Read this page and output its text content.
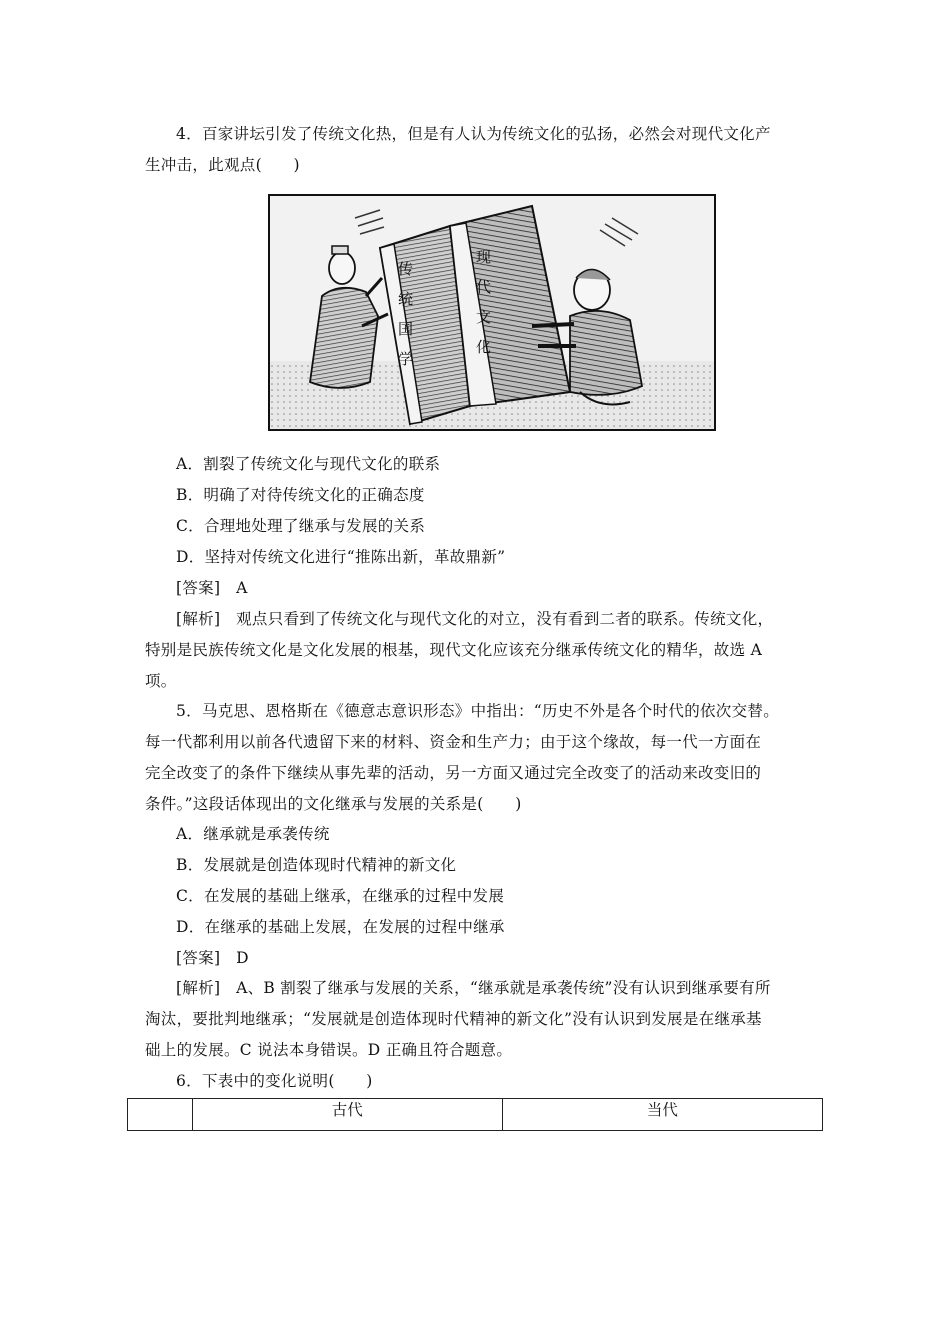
4．百家讲坛引发了传统文化热，但是有人认为传统文化的弘扬，必然会对现代文化产
生冲击，此观点(　　)
传统国学
现代文化
A．割裂了传统文化与现代文化的联系
B．明确了对待传统文化的正确态度
C．合理地处理了继承与发展的关系
D．坚持对传统文化进行“推陈出新，革故鼎新”
[答案]　A
[解析]　观点只看到了传统文化与现代文化的对立，没有看到二者的联系。传统文化，
特别是民族传统文化是文化发展的根基，现代文化应该充分继承传统文化的精华，故选 A
项。
5．马克思、恩格斯在《德意志意识形态》中指出：“历史不外是各个时代的依次交替。
每一代都利用以前各代遗留下来的材料、资金和生产力；由于这个缘故，每一代一方面在
完全改变了的条件下继续从事先辈的活动，另一方面又通过完全改变了的活动来改变旧的
条件。”这段话体现出的文化继承与发展的关系是(　　)
A．继承就是承袭传统
B．发展就是创造体现时代精神的新文化
C．在发展的基础上继承，在继承的过程中发展
D．在继承的基础上发展，在发展的过程中继承
[答案]　D
[解析]　A、B 割裂了继承与发展的关系，“继承就是承袭传统”没有认识到继承要有所
淘汰，要批判地继承；“发展就是创造体现时代精神的新文化”没有认识到发展是在继承基
础上的发展。C 说法本身错误。D 正确且符合题意。
6．下表中的变化说明(　　)
	古代	当代
